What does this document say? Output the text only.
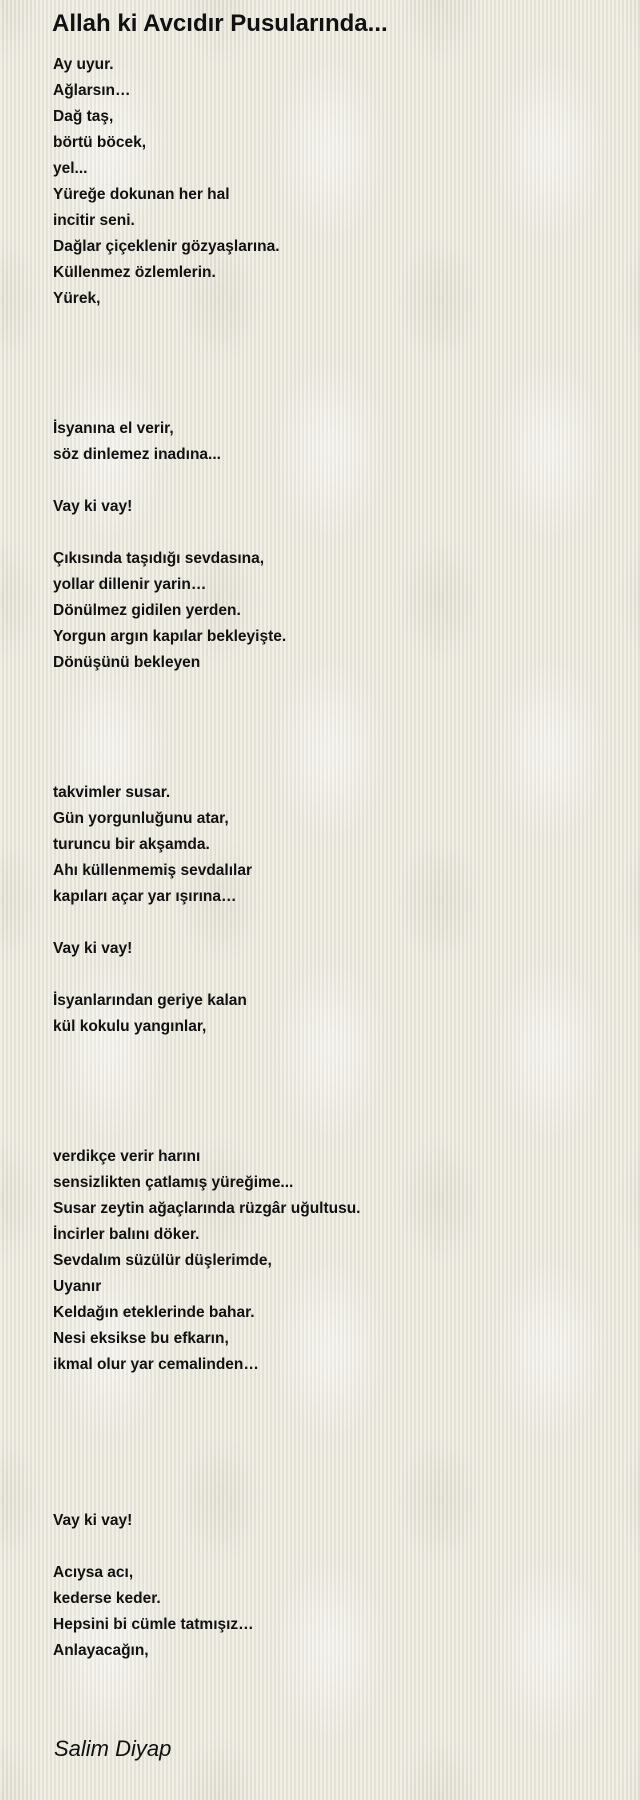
Allah ki Avcıdır Pusularında...
Ay uyur.
Ağlarsın…
Dağ taş,
börtü böcek,
yel...
Yüreğe dokunan her hal
incitir seni.
Dağlar çiçeklenir gözyaşlarına.
Küllenmez özlemlerin.
Yürek,
İsyanına el verir,
söz dinlemez inadına...
Vay ki vay!
Çıkısında taşıdığı sevdasına,
yollar dillenir yarin…
Dönülmez gidilen yerden.
Yorgun argın kapılar bekleyişte.
Dönüşünü bekleyen
takvimler susar.
Gün yorgunluğunu atar,
turuncu bir akşamda.
Ahı küllenmemiş sevdalılar
kapıları açar yar ışırına…
Vay ki vay!
İsyanlarından geriye kalan
kül kokulu yangınlar,
verdikçe verir harını
sensizlikten çatlamış yüreğime...
Susar zeytin ağaçlarında rüzgâr uğultusu.
İncirler balını döker.
Sevdalım süzülür düşlerimde,
Uyanır
Keldağın eteklerinde bahar.
Nesi eksikse bu efkarın,
ikmal olur yar cemalinden…
Vay ki vay!
Acıysa acı,
kederse keder.
Hepsini bi cümle tatmışız…
Anlayacağın,
Salim Diyap
